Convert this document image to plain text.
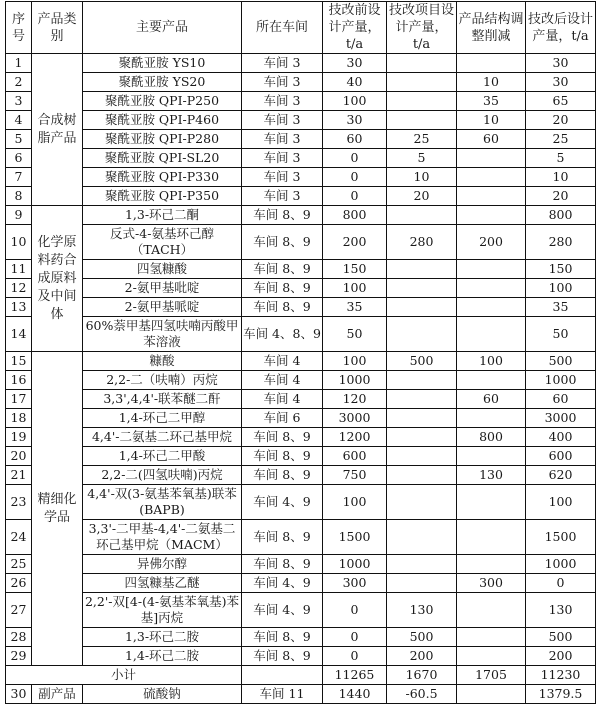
序号	产品类别	主要产品	所在车间	技改前设计产量，t/a	技改项目设计产量，t/a	产品结构调整削减	技改后设计产量，t/a
1	合成树脂产品	聚酰亚胺 YS10	车间 3	30			30
2		聚酰亚胺 YS20	车间 3	40		10	30
3		聚酰亚胺 QPI-P250	车间 3	100		35	65
4		聚酰亚胺 QPI-P460	车间 3	30		10	20
5		聚酰亚胺 QPI-P280	车间 3	60	25	60	25
6		聚酰亚胺 QPI-SL20	车间 3	0	5		5
7		聚酰亚胺 QPI-P330	车间 3	0	10		10
8		聚酰亚胺 QPI-P350	车间 3	0	20		20
9	化学原料药合成原料及中间体	1,3-环己二酮	车间 8、9	800			800
10		反式-4-氨基环己醇（TACH）	车间 8、9	200	280	200	280
11		四氢糠酸	车间 8、9	150			150
12		2-氨甲基吡啶	车间 8、9	100			100
13		2-氨甲基哌啶	车间 8、9	35			35
14		60%萘甲基四氢呋喃丙酸甲苯溶液	车间 4、8、9	50			50
15	精细化学品	糠酸	车间 4	100	500	100	500
16		2,2-二（呋喃）丙烷	车间 4	1000			1000
17		3,3',4,4'-联苯醚二酐	车间 4	120		60	60
18		1,4-环己二甲醇	车间 6	3000			3000
19		4,4'-二氨基二环己基甲烷	车间 8、9	1200		800	400
20		1,4-环己二甲酸	车间 8、9	600			600
21		2,2-二(四氢呋喃)丙烷	车间 8、9	750		130	620
23		4,4'-双(3-氨基苯氧基)联苯(BAPB)	车间 4、9	100			100
24		3,3'-二甲基-4,4'-二氨基二环己基甲烷（MACM）	车间 8、9	1500			1500
25		异佛尔醇	车间 8、9	1000			1000
26		四氢糠基乙醚	车间 4、9	300		300	0
27		2,2'-双[4-(4-氨基苯氧基)苯基]丙烷	车间 4、9	0	130		130
28		1,3-环己二胺	车间 8、9	0	500		500
29		1,4-环己二胺	车间 8、9	0	200		200
小计				11265	1670	1705	11230
30	副产品	硫酸钠	车间 11	1440	-60.5		1379.5
